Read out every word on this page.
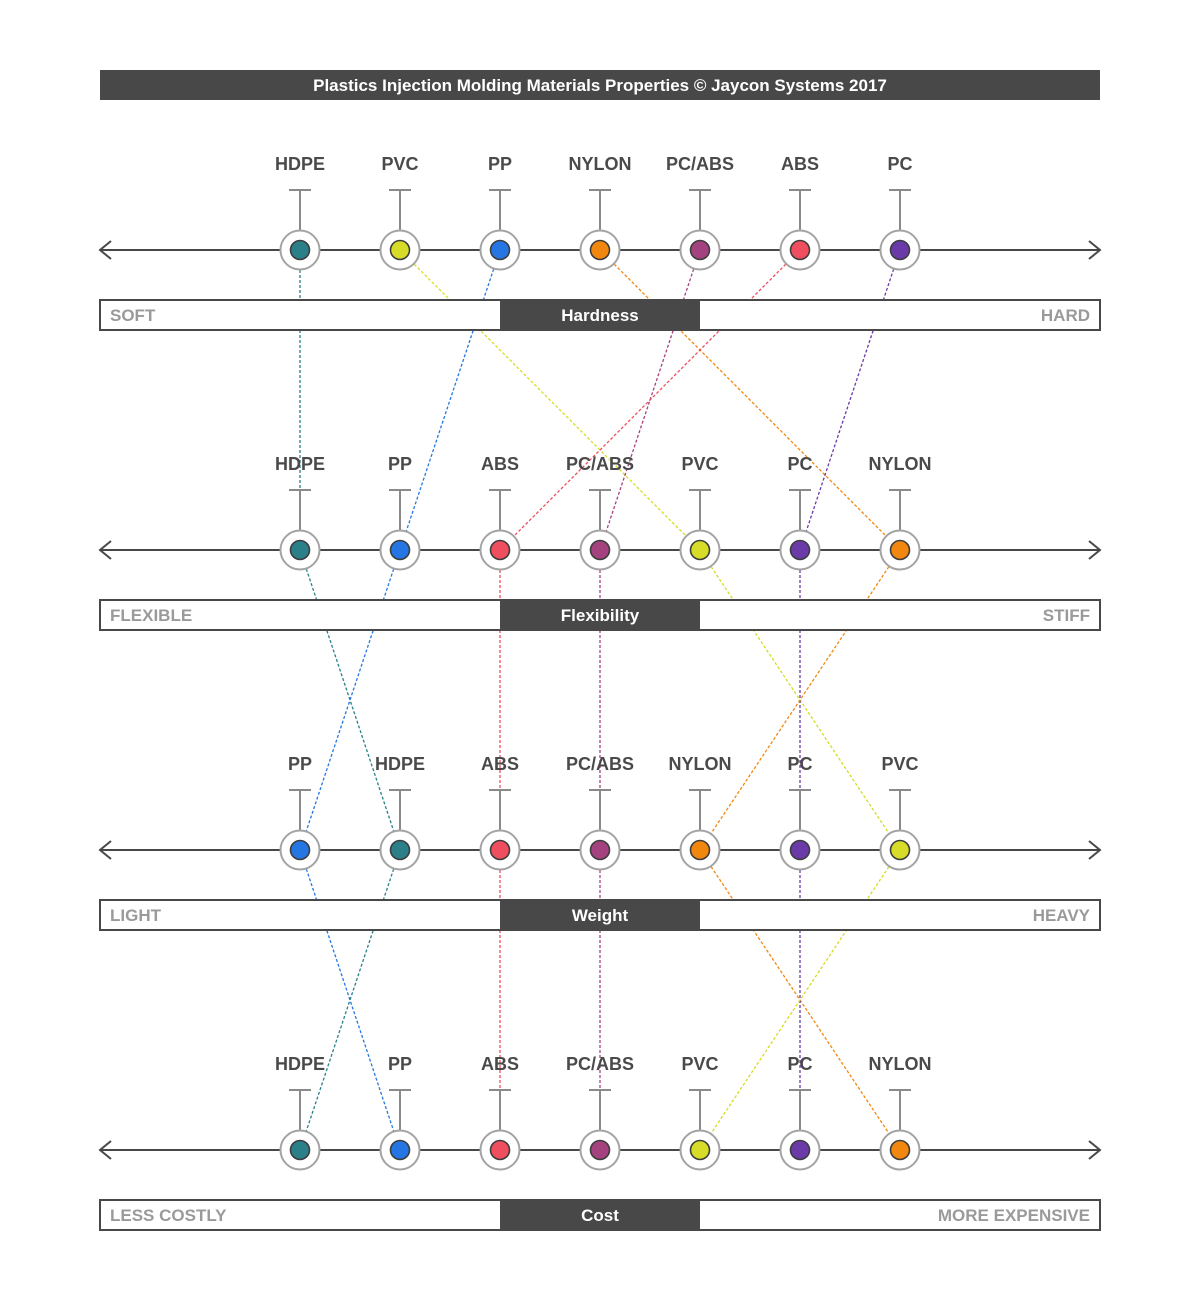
Plastics Injection Molding Materials Properties © Jaycon Systems 2017
HDPE	PVC	PP	NYLON PC/ABS	ABS	PC
SOFT	HARD
Hardness
HDPE	PP	ABS	PC/ABS	PVC	PC	NYLON
FLEXIBLE	STIFF
Flexibility
PP	HDPE	ABS	PC/ABS NYLON	PC	PVC
LIGHT	HEAVY
Weight
HDPE	PP	ABS	PC/ABS	PVC	PC	NYLON
LESS COSTLY	MORE EXPENSIVE
Cost
